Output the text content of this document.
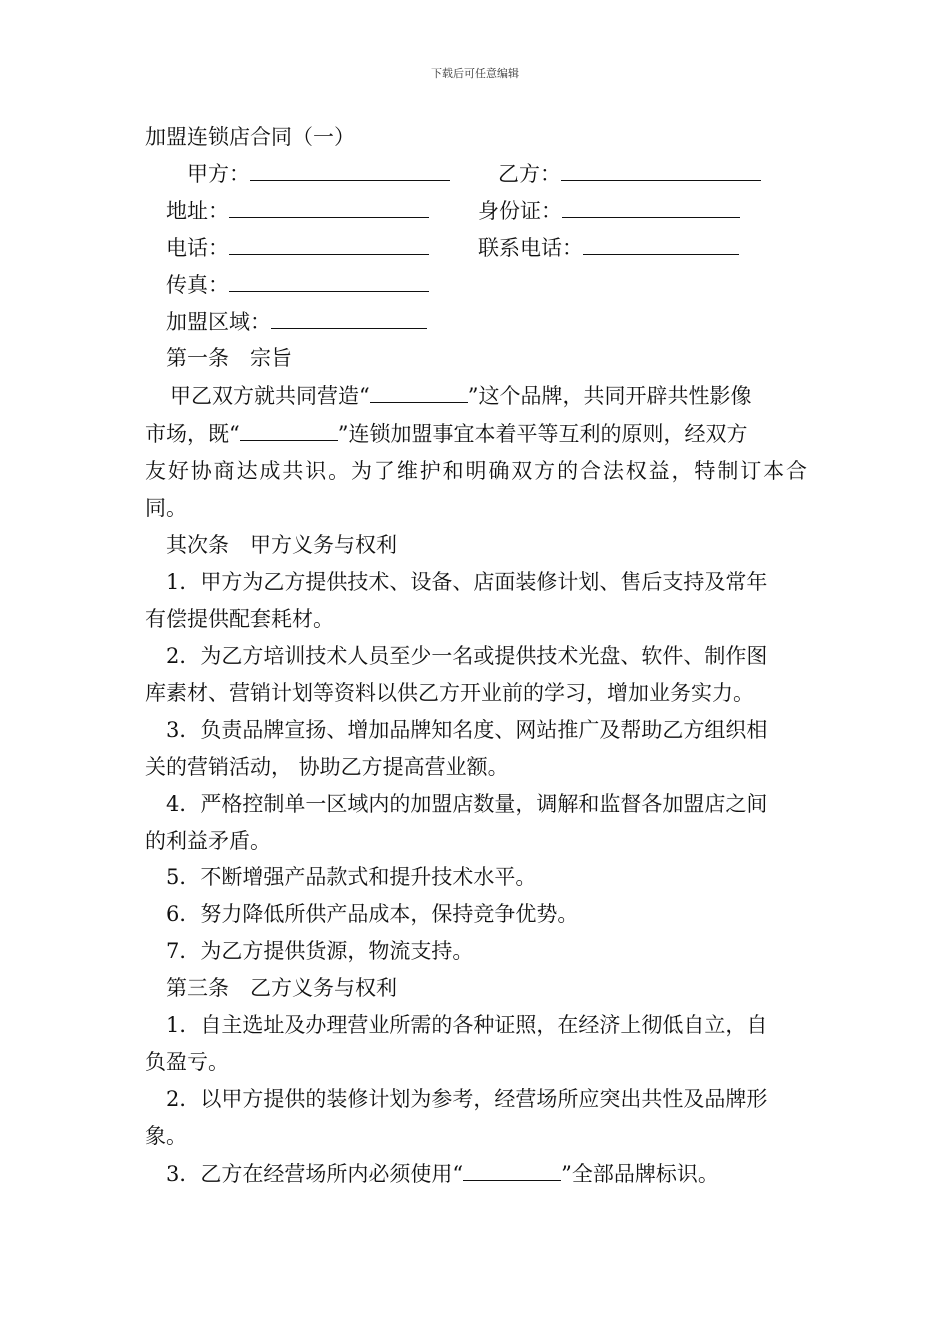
下载后可任意编辑
加盟连锁店合同（一）
甲方：	乙方：
地址：	身份证：
电话：	联系电话：
传真：
加盟区域：
第一条　宗旨
甲乙双方就共同营造“	”这个品牌，共同开辟共性影像
市场，既“	”连锁加盟事宜本着平等互利的原则，经双方
友好协商达成共识。为了维护和明确双方的合法权益，特制订本合
同。
其次条　甲方义务与权利
1．甲方为乙方提供技术、设备、店面装修计划、售后支持及常年
有偿提供配套耗材。
2．为乙方培训技术人员至少一名或提供技术光盘、软件、制作图
库素材、营销计划等资料以供乙方开业前的学习，增加业务实力。
3．负责品牌宣扬、增加品牌知名度、网站推广及帮助乙方组织相
关的营销活动， 协助乙方提高营业额。
4．严格控制单一区域内的加盟店数量，调解和监督各加盟店之间
的利益矛盾。
5．不断增强产品款式和提升技术水平。
6．努力降低所供产品成本，保持竞争优势。
7．为乙方提供货源，物流支持。
第三条　乙方义务与权利
1．自主选址及办理营业所需的各种证照，在经济上彻低自立，自
负盈亏。
2．以甲方提供的装修计划为参考，经营场所应突出共性及品牌形
象。
3．乙方在经营场所内必须使用“	”全部品牌标识。
